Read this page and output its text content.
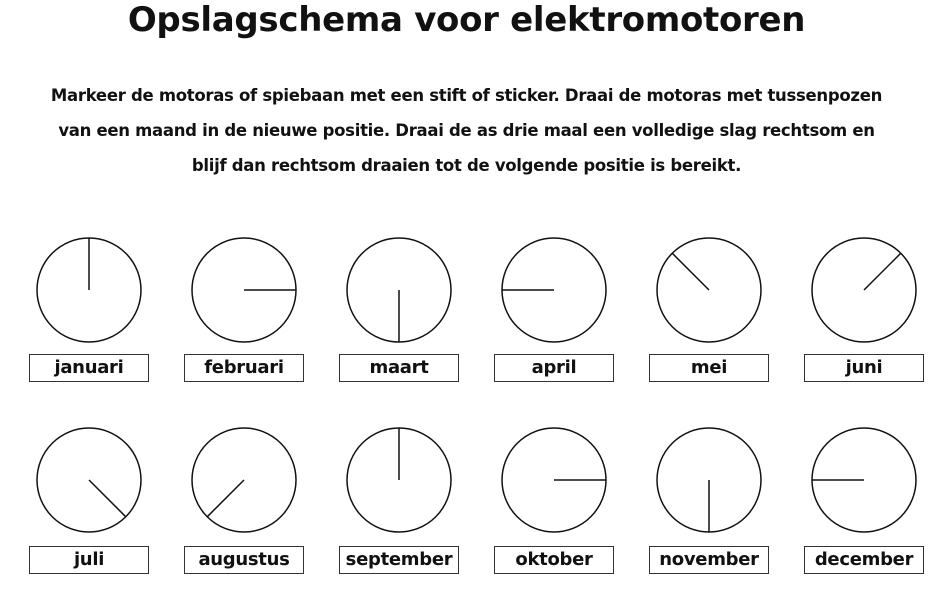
Opslagschema voor elektromotoren
Markeer de motoras of spiebaan met een stift of sticker. Draai de motoras met tussenpozen van een maand in de nieuwe positie. Draai de as drie maal een volledige slag rechtsom en blijf dan rechtsom draaien tot de volgende positie is bereikt.
januari	februari	maart	april	mei	juni
juli	augustus	september	oktober	november	december
